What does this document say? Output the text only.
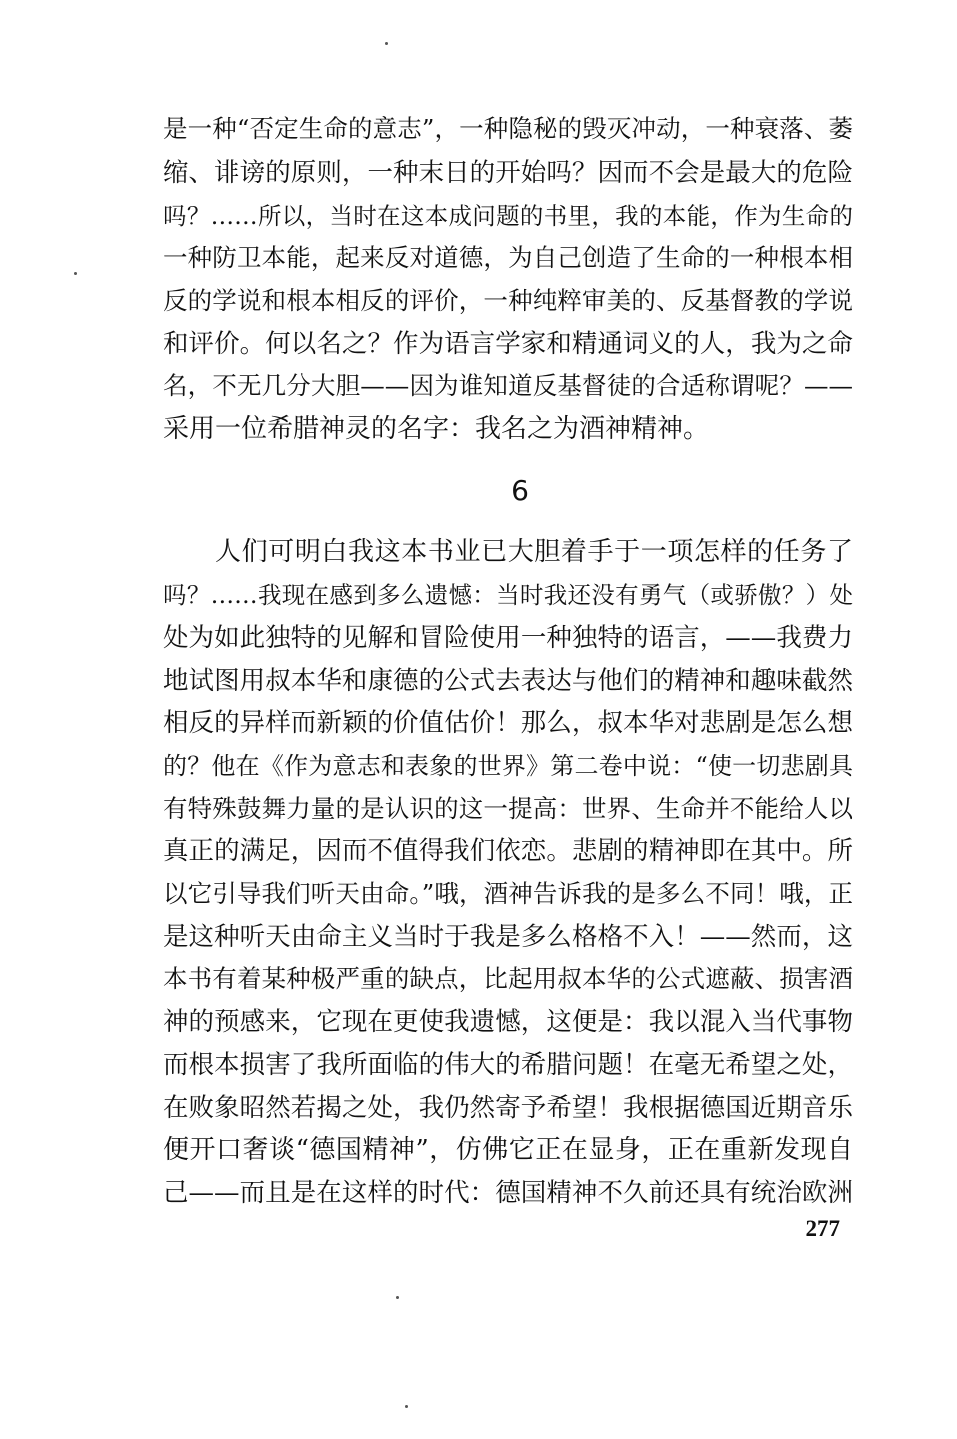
是一种“否定生命的意志”，一种隐秘的毁灭冲动，一种衰落、萎
缩、诽谤的原则，一种末日的开始吗？因而不会是最大的危险
吗？……所以，当时在这本成问题的书里，我的本能，作为生命的
一种防卫本能，起来反对道德，为自己创造了生命的一种根本相
反的学说和根本相反的评价，一种纯粹审美的、反基督教的学说
和评价。何以名之？作为语言学家和精通词义的人，我为之命
名，不无几分大胆——因为谁知道反基督徒的合适称谓呢？——
采用一位希腊神灵的名字：我名之为酒神精神。
6
人们可明白我这本书业已大胆着手于一项怎样的任务了
吗？……我现在感到多么遗憾：当时我还没有勇气（或骄傲？）处
处为如此独特的见解和冒险使用一种独特的语言，——我费力
地试图用叔本华和康德的公式去表达与他们的精神和趣味截然
相反的异样而新颖的价值估价！那么，叔本华对悲剧是怎么想
的？他在《作为意志和表象的世界》第二卷中说：“使一切悲剧具
有特殊鼓舞力量的是认识的这一提高：世界、生命并不能给人以
真正的满足，因而不值得我们依恋。悲剧的精神即在其中。所
以它引导我们听天由命。”哦，酒神告诉我的是多么不同！哦，正
是这种听天由命主义当时于我是多么格格不入！——然而，这
本书有着某种极严重的缺点，比起用叔本华的公式遮蔽、损害酒
神的预感来，它现在更使我遗憾，这便是：我以混入当代事物
而根本损害了我所面临的伟大的希腊问题！在毫无希望之处，
在败象昭然若揭之处，我仍然寄予希望！我根据德国近期音乐
便开口奢谈“德国精神”，仿佛它正在显身，正在重新发现自
己——而且是在这样的时代：德国精神不久前还具有统治欧洲
277
